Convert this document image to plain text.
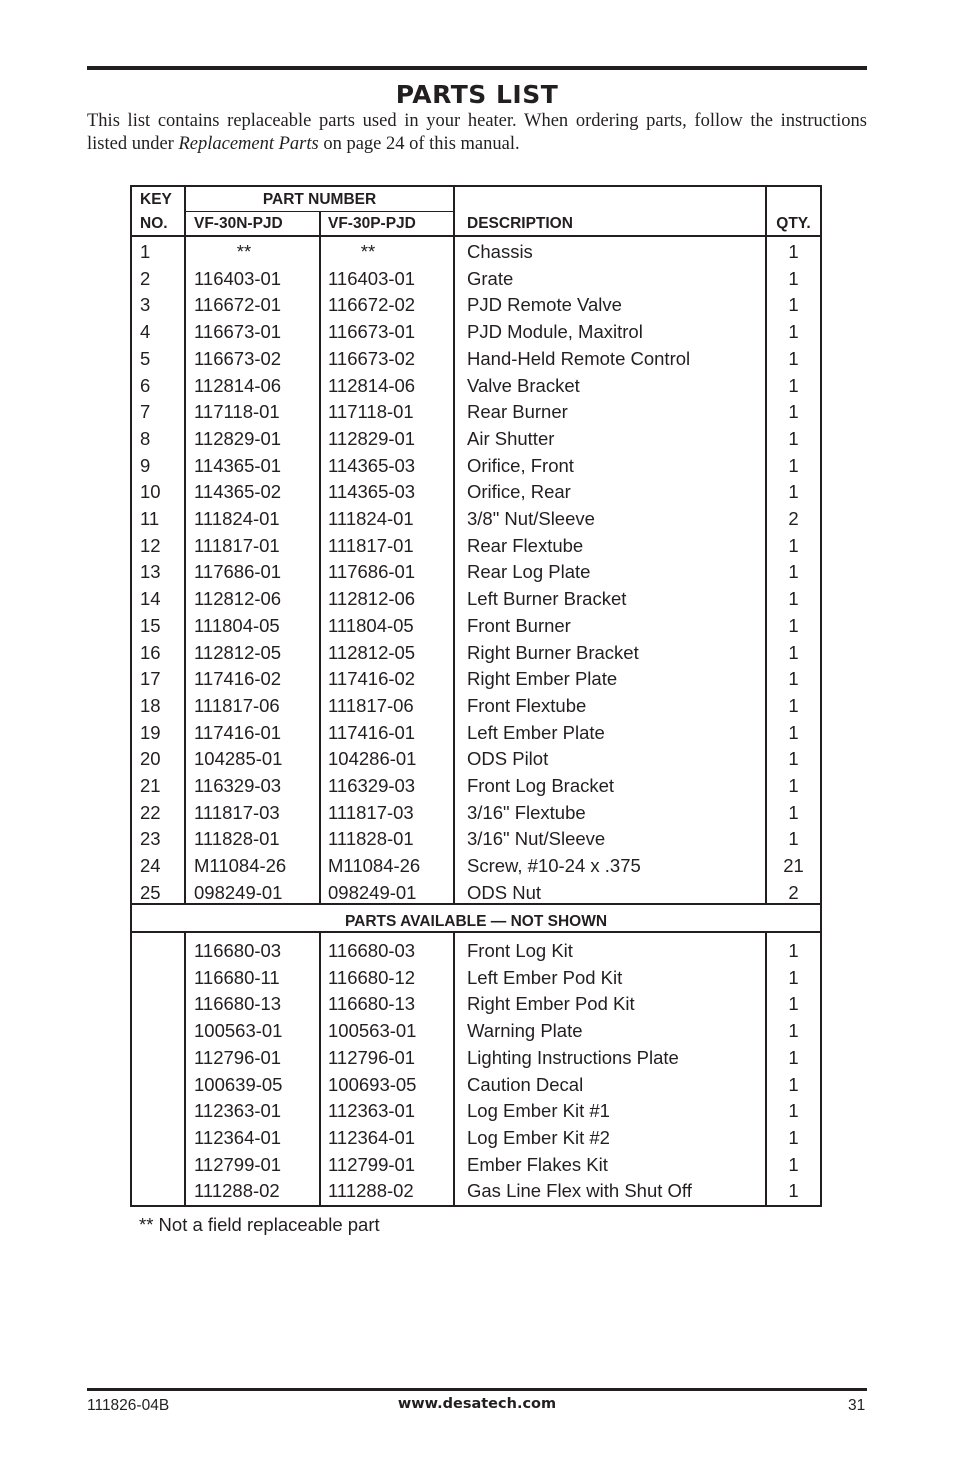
PARTS LIST
This list contains replaceable parts used in your heater. When ordering parts, follow the instructions listed under Replacement Parts on page 24 of this manual.
KEY
NO.
PART NUMBER
VF-30N-PJD	VF-30P-PJD	DESCRIPTION	QTY.
1	**	**	Chassis	1
2 116403-01	116403-01	Grate	1
3 116672-01	116672-02	PJD Remote Valve	1
4 116673-01	116673-01	PJD Module, Maxitrol	1
5 116673-02	116673-02	Hand-Held Remote Control	1
6 112814-06	112814-06	Valve Bracket	1
7 117118-01	117118-01	Rear Burner	1
8 112829-01	112829-01	Air Shutter	1
9 114365-01	114365-03	Orifice, Front	1
10 114365-02	114365-03	Orifice, Rear	1
11 111824-01	111824-01	3/8" Nut/Sleeve	2
12 111817-01	111817-01	Rear Flextube	1
13 117686-01	117686-01	Rear Log Plate	1
14 112812-06	112812-06	Left Burner Bracket	1
15 111804-05	111804-05	Front Burner	1
16 112812-05	112812-05	Right Burner Bracket	1
17 117416-02	117416-02	Right Ember Plate	1
18 111817-06	111817-06	Front Flextube	1
19 117416-01	117416-01	Left Ember Plate	1
20 104285-01 104286-01	ODS Pilot	1
21 116329-03	116329-03	Front Log Bracket	1
22 111817-03	111817-03	3/16" Flextube	1
23 111828-01	111828-01	3/16" Nut/Sleeve	1
24 M11084-26 M11084-26	Screw, #10-24 x .375	21
25 098249-01 098249-01	ODS Nut	2
PARTS AVAILABLE — NOT SHOWN
116680-03	116680-03	Front Log Kit	1
116680-11	116680-12	Left Ember Pod Kit	1
116680-13	116680-13	Right Ember Pod Kit	1
100563-01 100563-01	Warning Plate	1
112796-01	112796-01	Lighting Instructions Plate	1
100639-05 100693-05	Caution Decal	1
112363-01	112363-01	Log Ember Kit #1	1
112364-01	112364-01	Log Ember Kit #2	1
112799-01	112799-01	Ember Flakes Kit	1
111288-02	111288-02	Gas Line Flex with Shut Off	1
** Not a field replaceable part
111826-04B	www.desatech.com	31
